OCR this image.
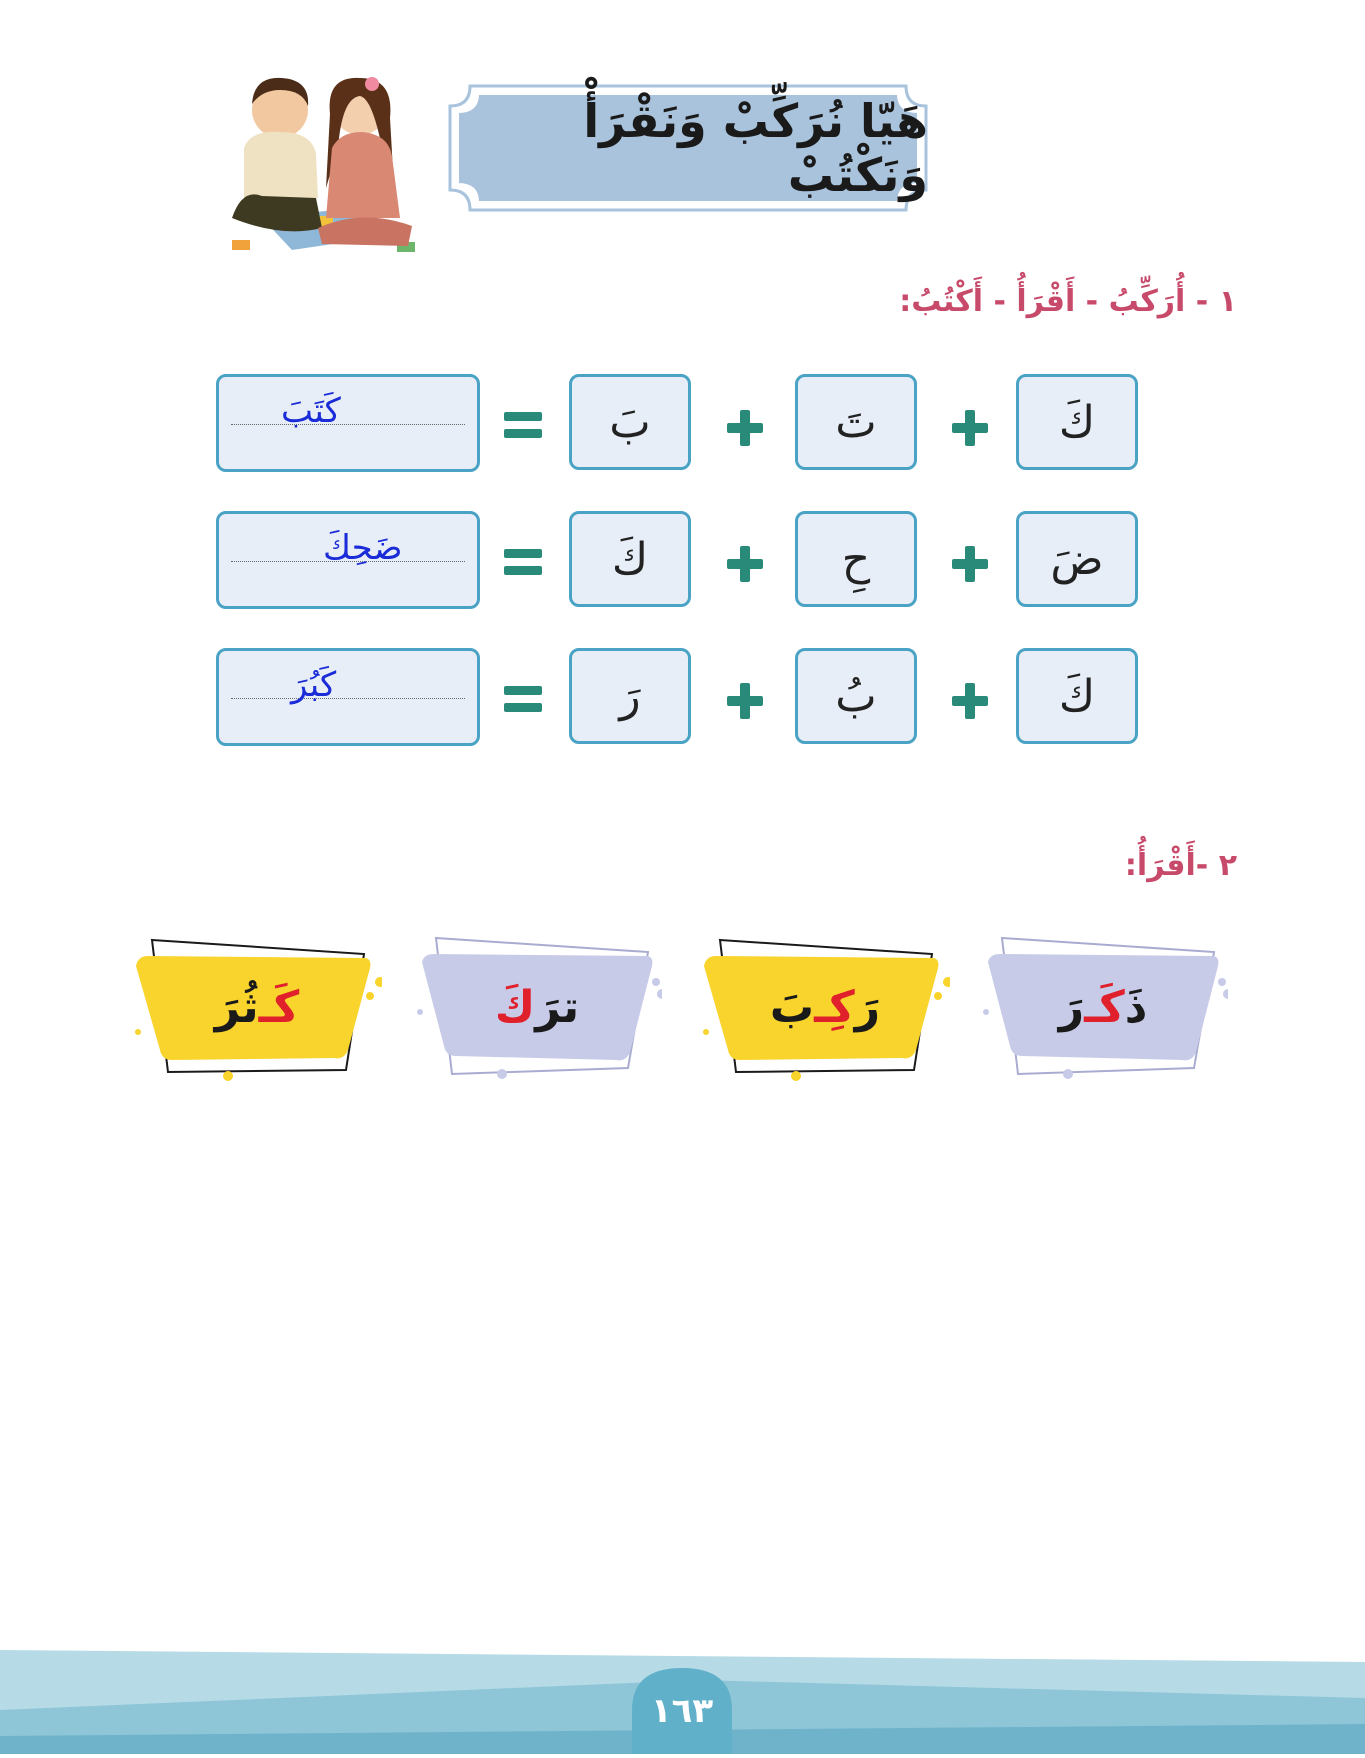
هَيّا نُرَكِّبْ وَنَقْرَأْ وَنَكْتُبْ
١ - أُرَكِّبُ - أَقْرَأُ - أَكْتُبُ:
كَ
تَ
بَ
كَتَبَ
ضَ
حِ
كَ
ضَحِكَ
كَ
بُ
رَ
كَبُرَ
٢ -أَقْرَأُ:
ذَ
كَـ
رَ
رَ
كِـ
بَ
ترَ
كَ
كَـ
ثُرَ
١٦٣
